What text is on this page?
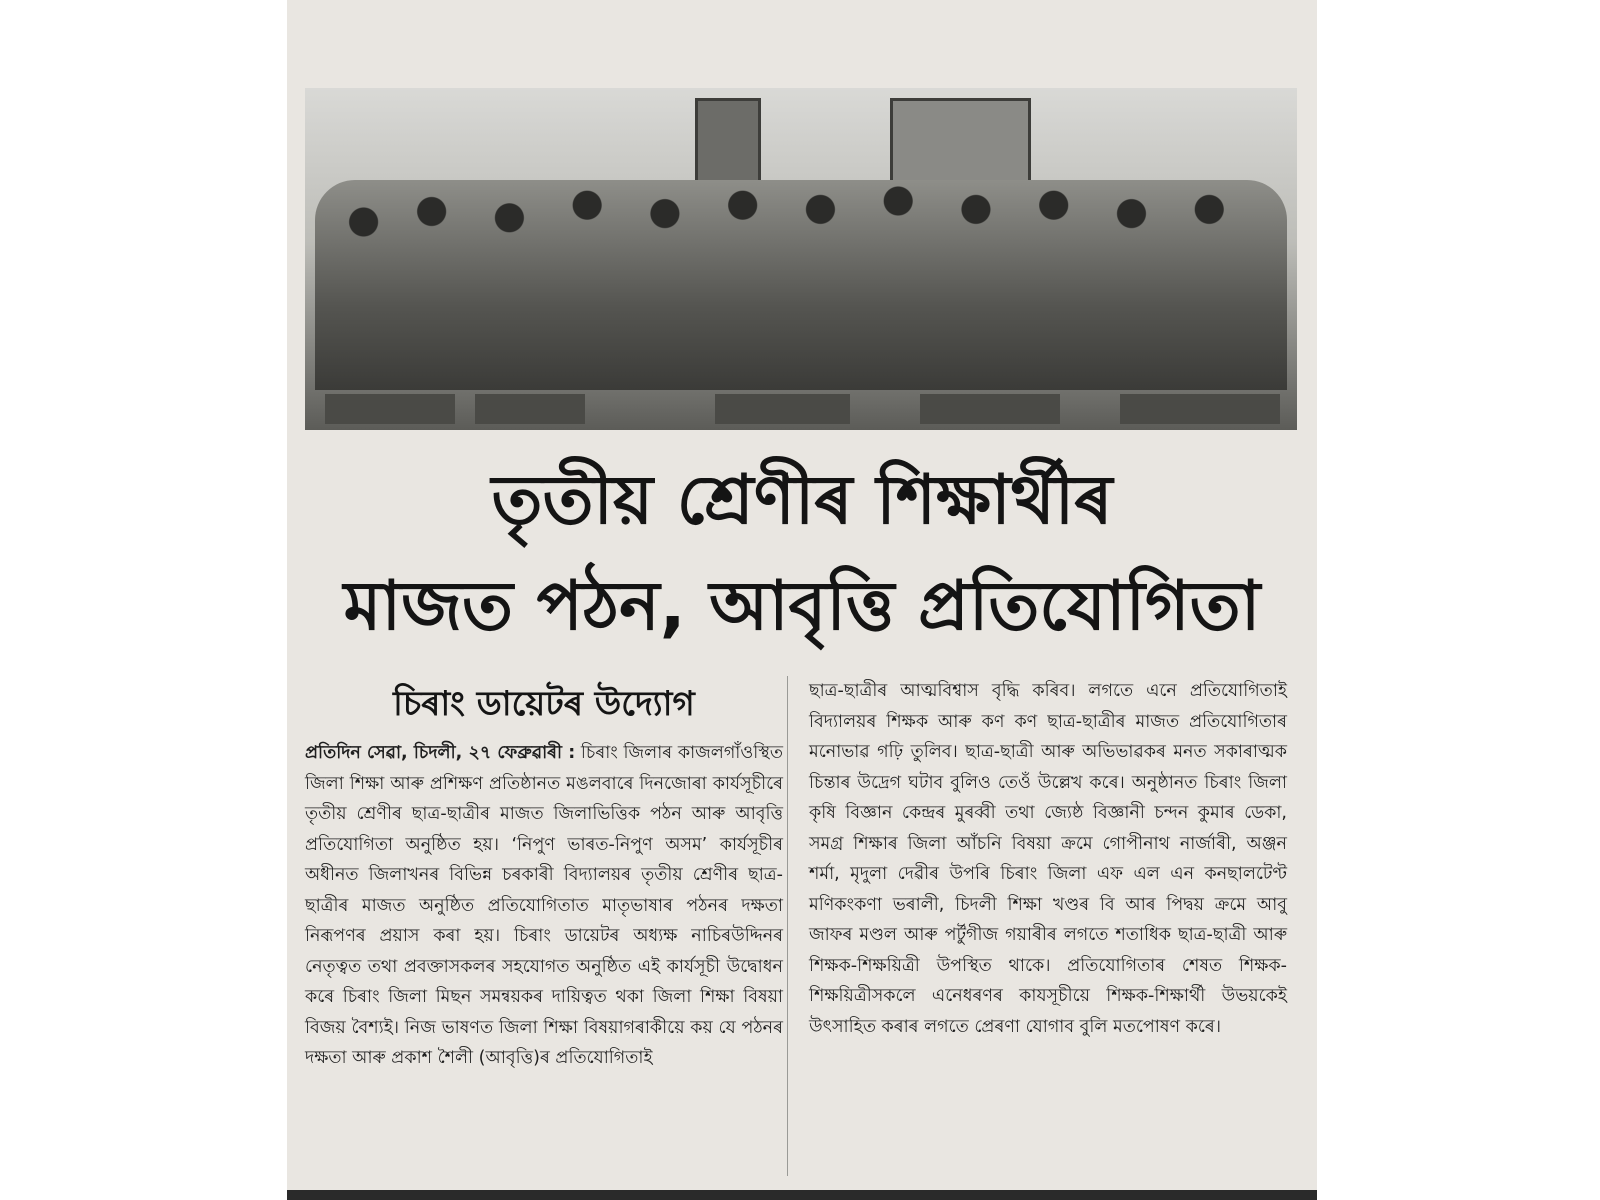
তৃতীয় শ্ৰেণীৰ শিক্ষাৰ্থীৰ
মাজত পঠন, আবৃত্তি প্ৰতিযোগিতা
চিৰাং ডায়েটৰ উদ্যোগ
প্ৰতিদিন সেৱা, চিদলী, ২৭ ফেব্ৰুৱাৰী : চিৰাং জিলাৰ কাজলগাঁওস্থিত জিলা শিক্ষা আৰু প্ৰশিক্ষণ প্ৰতিষ্ঠানত মঙলবাৰে দিনজোৰা কাৰ্যসূচীৰে তৃতীয় শ্ৰেণীৰ ছাত্ৰ-ছাত্ৰীৰ মাজত জিলাভিত্তিক পঠন আৰু আবৃত্তি প্ৰতিযোগিতা অনুষ্ঠিত হয়। ‘নিপুণ ভাৰত-নিপুণ অসম’ কাৰ্যসূচীৰ অধীনত জিলাখনৰ বিভিন্ন চৰকাৰী বিদ্যালয়ৰ তৃতীয় শ্ৰেণীৰ ছাত্ৰ-ছাত্ৰীৰ মাজত অনুষ্ঠিত প্ৰতিযোগিতাত মাতৃভাষাৰ পঠনৰ দক্ষতা নিৰূপণৰ প্ৰয়াস কৰা হয়। চিৰাং ডায়েটৰ অধ্যক্ষ নাচিৰউদ্দিনৰ নেতৃত্বত তথা প্ৰবক্তাসকলৰ সহযোগত অনুষ্ঠিত এই কাৰ্যসূচী উদ্বোধন কৰে চিৰাং জিলা মিছন সমন্বয়কৰ দায়িত্বত থকা জিলা শিক্ষা বিষয়া বিজয় বৈশ্যই। নিজ ভাষণত জিলা শিক্ষা বিষয়াগৰাকীয়ে কয় যে পঠনৰ দক্ষতা আৰু প্ৰকাশ শৈলী (আবৃত্তি)ৰ প্ৰতিযোগিতাই
ছাত্ৰ-ছাত্ৰীৰ আত্মবিশ্বাস বৃদ্ধি কৰিব। লগতে এনে প্ৰতিযোগিতাই বিদ্যালয়ৰ শিক্ষক আৰু কণ কণ ছাত্ৰ-ছাত্ৰীৰ মাজত প্ৰতিযোগিতাৰ মনোভাৱ গঢ়ি তুলিব। ছাত্ৰ-ছাত্ৰী আৰু অভিভাৱকৰ মনত সকাৰাত্মক চিন্তাৰ উদ্ৰেগ ঘটাব বুলিও তেওঁ উল্লেখ কৰে। অনুষ্ঠানত চিৰাং জিলা কৃষি বিজ্ঞান কেন্দ্ৰৰ মুৰব্বী তথা জ্যেষ্ঠ বিজ্ঞানী চন্দন কুমাৰ ডেকা, সমগ্ৰ শিক্ষাৰ জিলা আঁচনি বিষয়া ক্ৰমে গোপীনাথ নাৰ্জাৰী, অঞ্জন শৰ্মা, মৃদুলা দেৱীৰ উপৰি চিৰাং জিলা এফ এল এন কনছালটেণ্ট মণিকংকণা ভৰালী, চিদলী শিক্ষা খণ্ডৰ বি আৰ পিদ্বয় ক্ৰমে আবু জাফৰ মণ্ডল আৰু পৰ্টুগীজ গয়াৰীৰ লগতে শতাধিক ছাত্ৰ-ছাত্ৰী আৰু শিক্ষক-শিক্ষয়িত্ৰী উপস্থিত থাকে। প্ৰতিযোগিতাৰ শেষত শিক্ষক-শিক্ষয়িত্ৰীসকলে এনেধৰণৰ কাযসূচীয়ে শিক্ষক-শিক্ষাৰ্থী উভয়কেই উৎসাহিত কৰাৰ লগতে প্ৰেৰণা যোগাব বুলি মতপোষণ কৰে।
